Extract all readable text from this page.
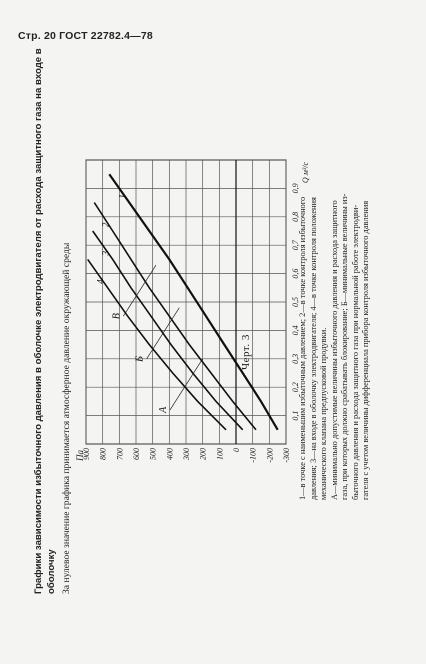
Стр. 20 ГОСТ 22782.4—78
Графики зависимости избыточного давления в оболочке электродвигателя от расхода защитного газа на входе в оболочку За нулевое значение графика принимается атмосферное давление окружающей среды 900 800 700 600 500 400 300 200 100 0 -100 -200 -300
0,1
0,2
0,3
0,4
0,5
0,6
0,7
0,8
0,9
Па
Q м³/с
1
2
3
4
А
Б
В	1—в точке с наименьшим избыточным давлением; 2—в точке контроля избыточного давления; 3—на входе в оболочку электродвигателя; 4—в точке контроля положения механического клапана предпусковой продувки. А—минимально допустимые величины избыточного давления и расхода защитного газа, при которых должно срабатывать блокирование; Б—минимальные величины из- быточного давления и расхода защитного газа при нормальной работе электродви- гателя с учетом величины дифференциала прибора контроля избыточного давления
Черт. 3
